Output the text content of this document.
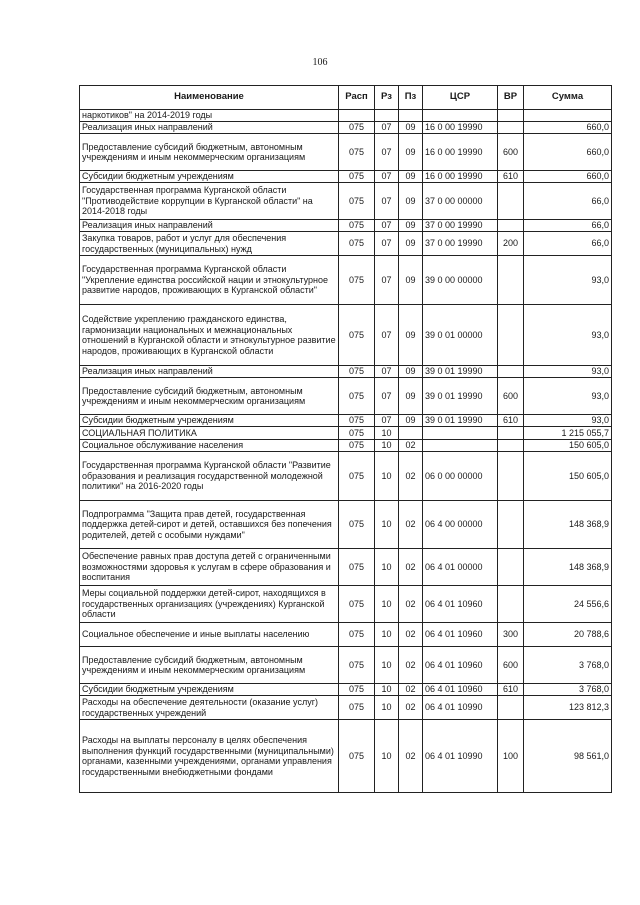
106
Наименование	Расп	Рз	Пз	ЦСР	ВР	Сумма
наркотиков" на 2014-2019 годы						
Реализация иных направлений	075	07	09	16 0 00 19990		660,0
Предоставление субсидий бюджетным, автономным учреждениям и иным некоммерческим организациям	075	07	09	16 0 00 19990	600	660,0
Субсидии бюджетным учреждениям	075	07	09	16 0 00 19990	610	660,0
Государственная программа Курганской области "Противодействие коррупции в Курганской области" на 2014-2018 годы	075	07	09	37 0 00 00000		66,0
Реализация иных направлений	075	07	09	37 0 00 19990		66,0
Закупка товаров, работ и услуг для обеспечения государственных (муниципальных) нужд	075	07	09	37 0 00 19990	200	66,0
Государственная программа Курганской области "Укрепление единства российской нации и этнокультурное развитие народов, проживающих в Курганской области"	075	07	09	39 0 00 00000		93,0
Содействие укреплению гражданского единства, гармонизации национальных и межнациональных отношений в Курганской области и этнокультурное развитие народов, проживающих в Курганской области	075	07	09	39 0 01 00000		93,0
Реализация иных направлений	075	07	09	39 0 01 19990		93,0
Предоставление субсидий бюджетным, автономным учреждениям и иным некоммерческим организациям	075	07	09	39 0 01 19990	600	93,0
Субсидии бюджетным учреждениям	075	07	09	39 0 01 19990	610	93,0
СОЦИАЛЬНАЯ ПОЛИТИКА	075	10				1 215 055,7
Социальное обслуживание населения	075	10	02			150 605,0
Государственная программа Курганской области "Развитие образования и реализация государственной молодежной политики" на 2016-2020 годы	075	10	02	06 0 00 00000		150 605,0
Подпрограмма "Защита прав детей, государственная поддержка детей-сирот и детей, оставшихся без попечения родителей, детей с особыми нуждами"	075	10	02	06 4 00 00000		148 368,9
Обеспечение равных прав доступа детей с ограниченными возможностями здоровья к услугам в сфере образования и воспитания	075	10	02	06 4 01 00000		148 368,9
Меры социальной поддержки детей-сирот, находящихся в государственных организациях (учреждениях) Курганской области	075	10	02	06 4 01 10960		24 556,6
Социальное обеспечение и иные выплаты населению	075	10	02	06 4 01 10960	300	20 788,6
Предоставление субсидий бюджетным, автономным учреждениям и иным некоммерческим организациям	075	10	02	06 4 01 10960	600	3 768,0
Субсидии бюджетным учреждениям	075	10	02	06 4 01 10960	610	3 768,0
Расходы на обеспечение деятельности (оказание услуг) государственных учреждений	075	10	02	06 4 01 10990		123 812,3
Расходы на выплаты персоналу в целях обеспечения выполнения функций государственными (муниципальными) органами, казенными учреждениями, органами управления государственными внебюджетными фондами	075	10	02	06 4 01 10990	100	98 561,0
